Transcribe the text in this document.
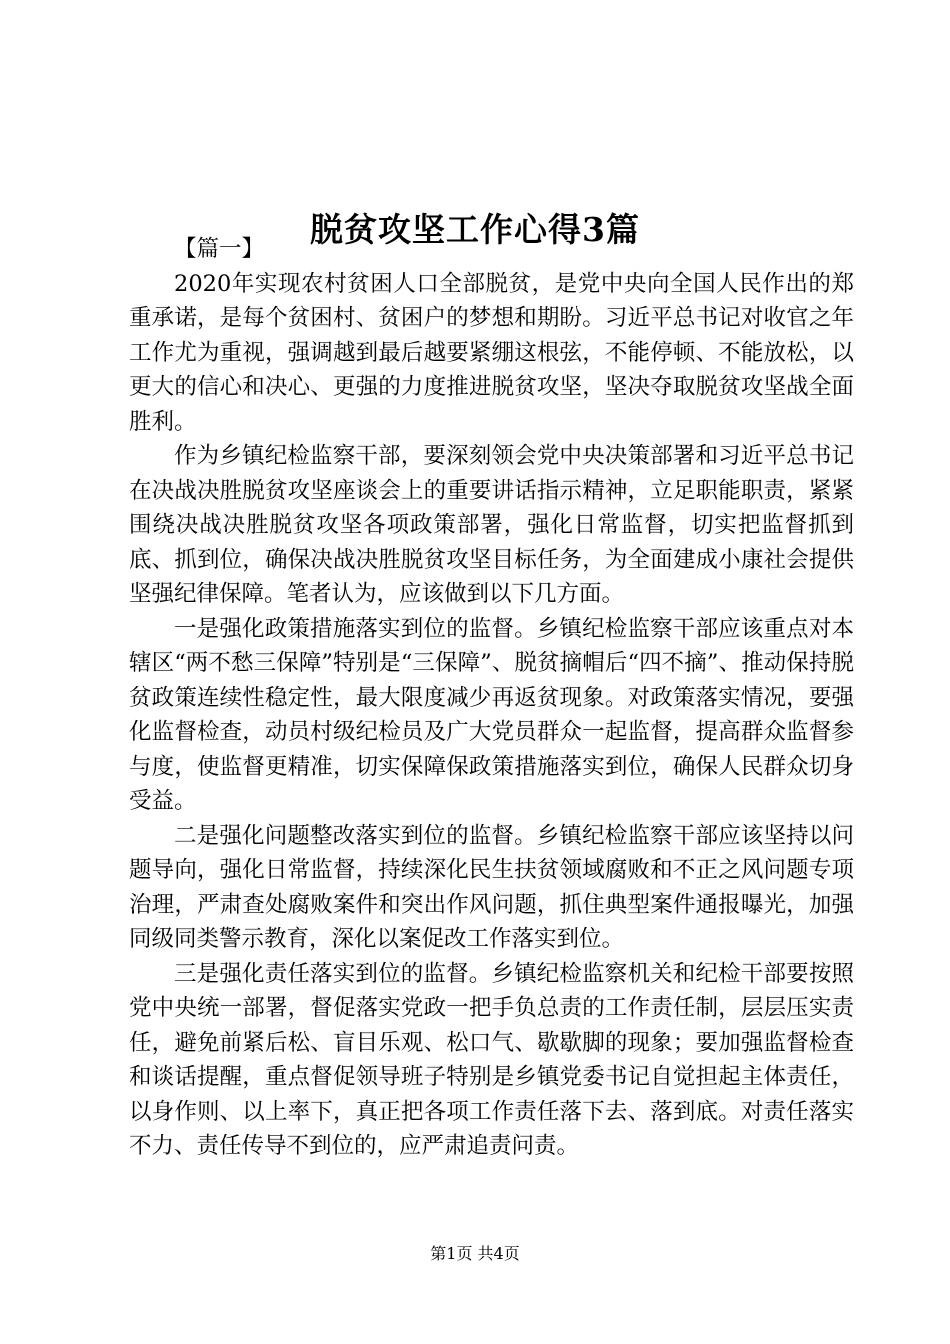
脱贫攻坚工作心得3篇

【篇一】

2020年实现农村贫困人口全部脱贫，是党中央向全国人民作出的郑重承诺，是每个贫困村、贫困户的梦想和期盼。习近平总书记对收官之年工作尤为重视，强调越到最后越要紧绷这根弦，不能停顿、不能放松，以更大的信心和决心、更强的力度推进脱贫攻坚，坚决夺取脱贫攻坚战全面胜利。

作为乡镇纪检监察干部，要深刻领会党中央决策部署和习近平总书记在决战决胜脱贫攻坚座谈会上的重要讲话指示精神，立足职能职责，紧紧围绕决战决胜脱贫攻坚各项政策部署，强化日常监督，切实把监督抓到底、抓到位，确保决战决胜脱贫攻坚目标任务，为全面建成小康社会提供坚强纪律保障。笔者认为，应该做到以下几方面。

一是强化政策措施落实到位的监督。乡镇纪检监察干部应该重点对本辖区“两不愁三保障”特别是“三保障”、脱贫摘帽后“四不摘”、推动保持脱贫政策连续性稳定性，最大限度减少再返贫现象。对政策落实情况，要强化监督检查，动员村级纪检员及广大党员群众一起监督，提高群众监督参与度，使监督更精准，切实保障保政策措施落实到位，确保人民群众切身受益。

二是强化问题整改落实到位的监督。乡镇纪检监察干部应该坚持以问题导向，强化日常监督，持续深化民生扶贫领域腐败和不正之风问题专项治理，严肃查处腐败案件和突出作风问题，抓住典型案件通报曝光，加强同级同类警示教育，深化以案促改工作落实到位。

三是强化责任落实到位的监督。乡镇纪检监察机关和纪检干部要按照党中央统一部署，督促落实党政一把手负总责的工作责任制，层层压实责任，避免前紧后松、盲目乐观、松口气、歇歇脚的现象；要加强监督检查和谈话提醒，重点督促领导班子特别是乡镇党委书记自觉担起主体责任，以身作则、以上率下，真正把各项工作责任落下去、落到底。对责任落实不力、责任传导不到位的，应严肃追责问责。

第1页 共4页
